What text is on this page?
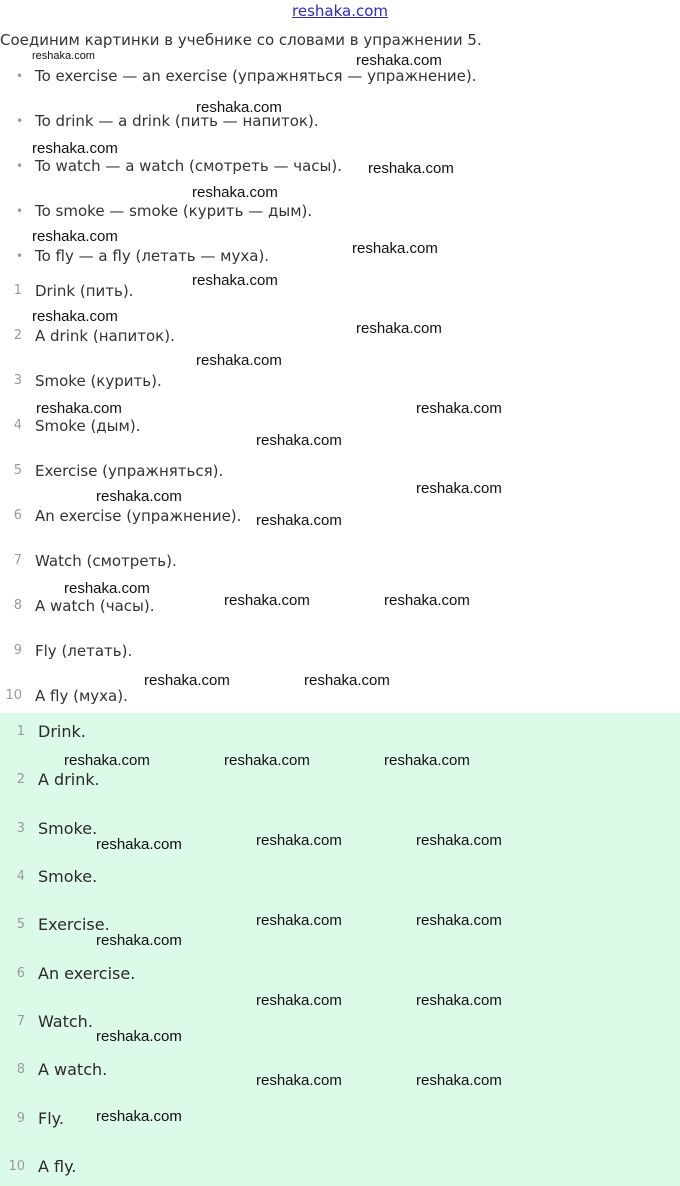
reshaka.com
Соединим картинки в учебнике со словами в упражнении 5.
• To exercise — an exercise (упражняться — упражнение).
• To drink — a drink (пить — напиток).
• To watch — a watch (смотреть — часы).
• To smoke — smoke (курить — дым).
• To fly — a fly (летать — муха).
1 Drink (пить).
2 A drink (напиток).
3 Smoke (курить).
4 Smoke (дым).
5 Exercise (упражняться).
6 An exercise (упражнение).
7 Watch (смотреть).
8 A watch (часы).
9 Fly (летать).
10 A fly (муха).
1 Drink.
2 A drink.
3 Smoke.
4 Smoke.
5 Exercise.
6 An exercise.
7 Watch.
8 A watch.
9 Fly.
10 A fly.
reshaka.com	reshaka.com
reshaka.com
reshaka.com
reshaka.com
reshaka.com
reshaka.com
reshaka.com
reshaka.com
reshaka.com
reshaka.com
reshaka.com
reshaka.com	reshaka.com
reshaka.com
reshaka.com	reshaka.com
reshaka.com
reshaka.com
reshaka.com	reshaka.com
reshaka.com	reshaka.com
reshaka.com	reshaka.com	reshaka.com
reshaka.com	reshaka.com	reshaka.com
reshaka.com	reshaka.com
reshaka.com
reshaka.com	reshaka.com
reshaka.com
reshaka.com	reshaka.com
reshaka.com
